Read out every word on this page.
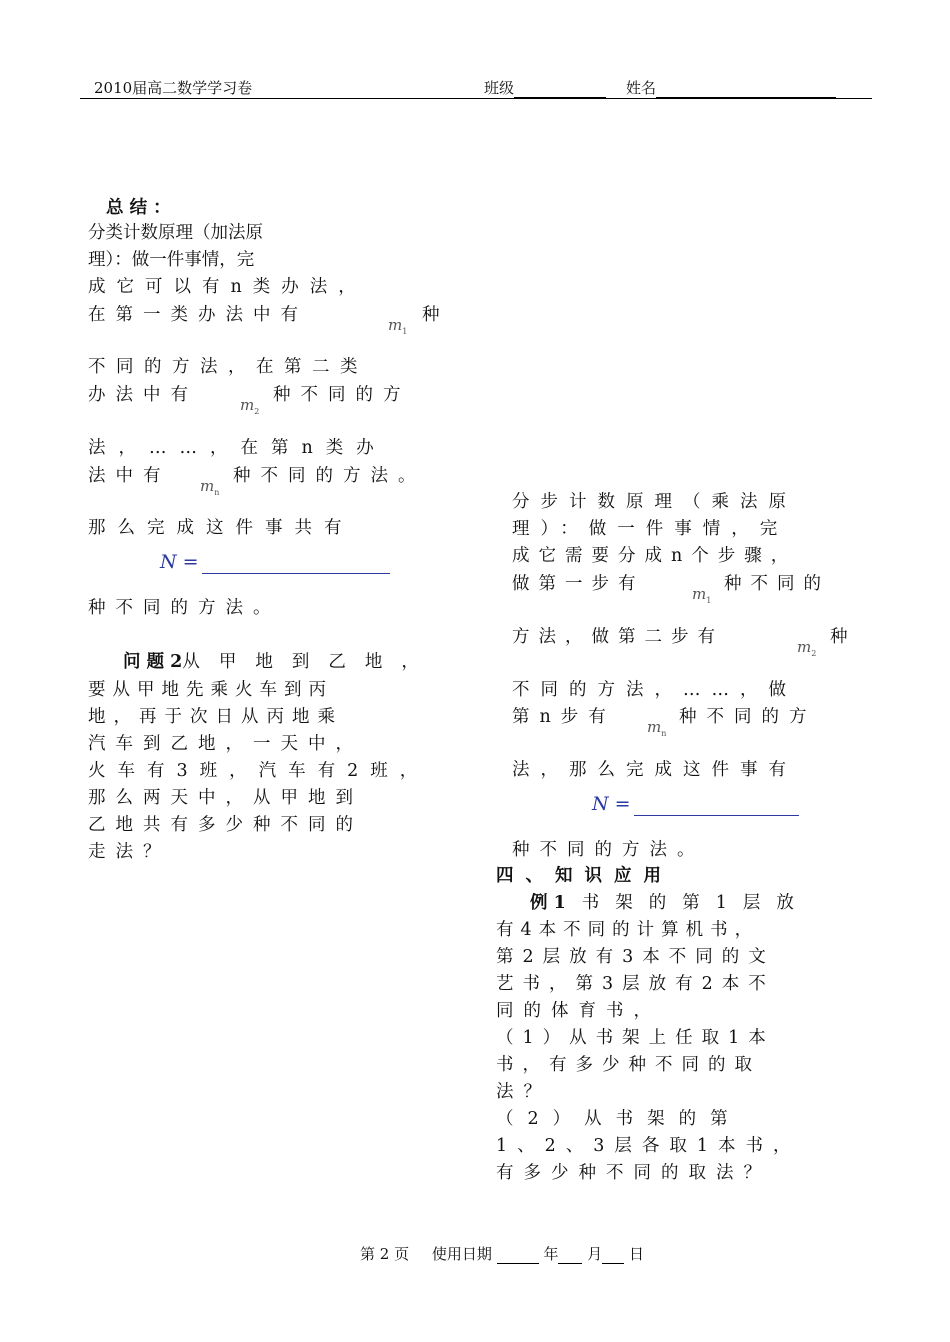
2010届高二数学学习卷	班级	姓名
总 结 ：
分类计数原理（加法原
理）：做一件事情，完
成它可以有n类办法，
在第一类办法中有	$m_1$
种
不同的方法，在第二类
办法中有	$m_2$
种不同的方
法，……，在第n类办
法中有 $m_n$
种不同的方法。
那么完成这件事共有
N =
种不同的方法。
问 题 2从甲地到乙地，
要从甲地先乘火车到丙
地，再于次日从丙地乘
汽车到乙地，一天中，
火车有3班，汽车有2班，
那么两天中，从甲地到
乙地共有多少种不同的
走法？
分步计数原理（乘法原
理）：做一件事情，完
成它需要分成n个步骤，
做第一步有	$m_1$
种不同的
方法，做第二步有	$m_2$
种
不同的方法，……，做
第n步有 $m_n$
种不同的方
法，那么完成这件事有
N =
种不同的方法。
四、知识应用
例 1 书架的第1层放
有4本不同的计算机书，
第2层放有3本不同的文
艺书，第3层放有2本不
同的体育书，
（1）从书架上任取1本
书，有多少种不同的取
法？
（2）从书架的第
1、2、3层各取1本书，
有多少种不同的取法？
第 2 页 使用日期	年 月 日
